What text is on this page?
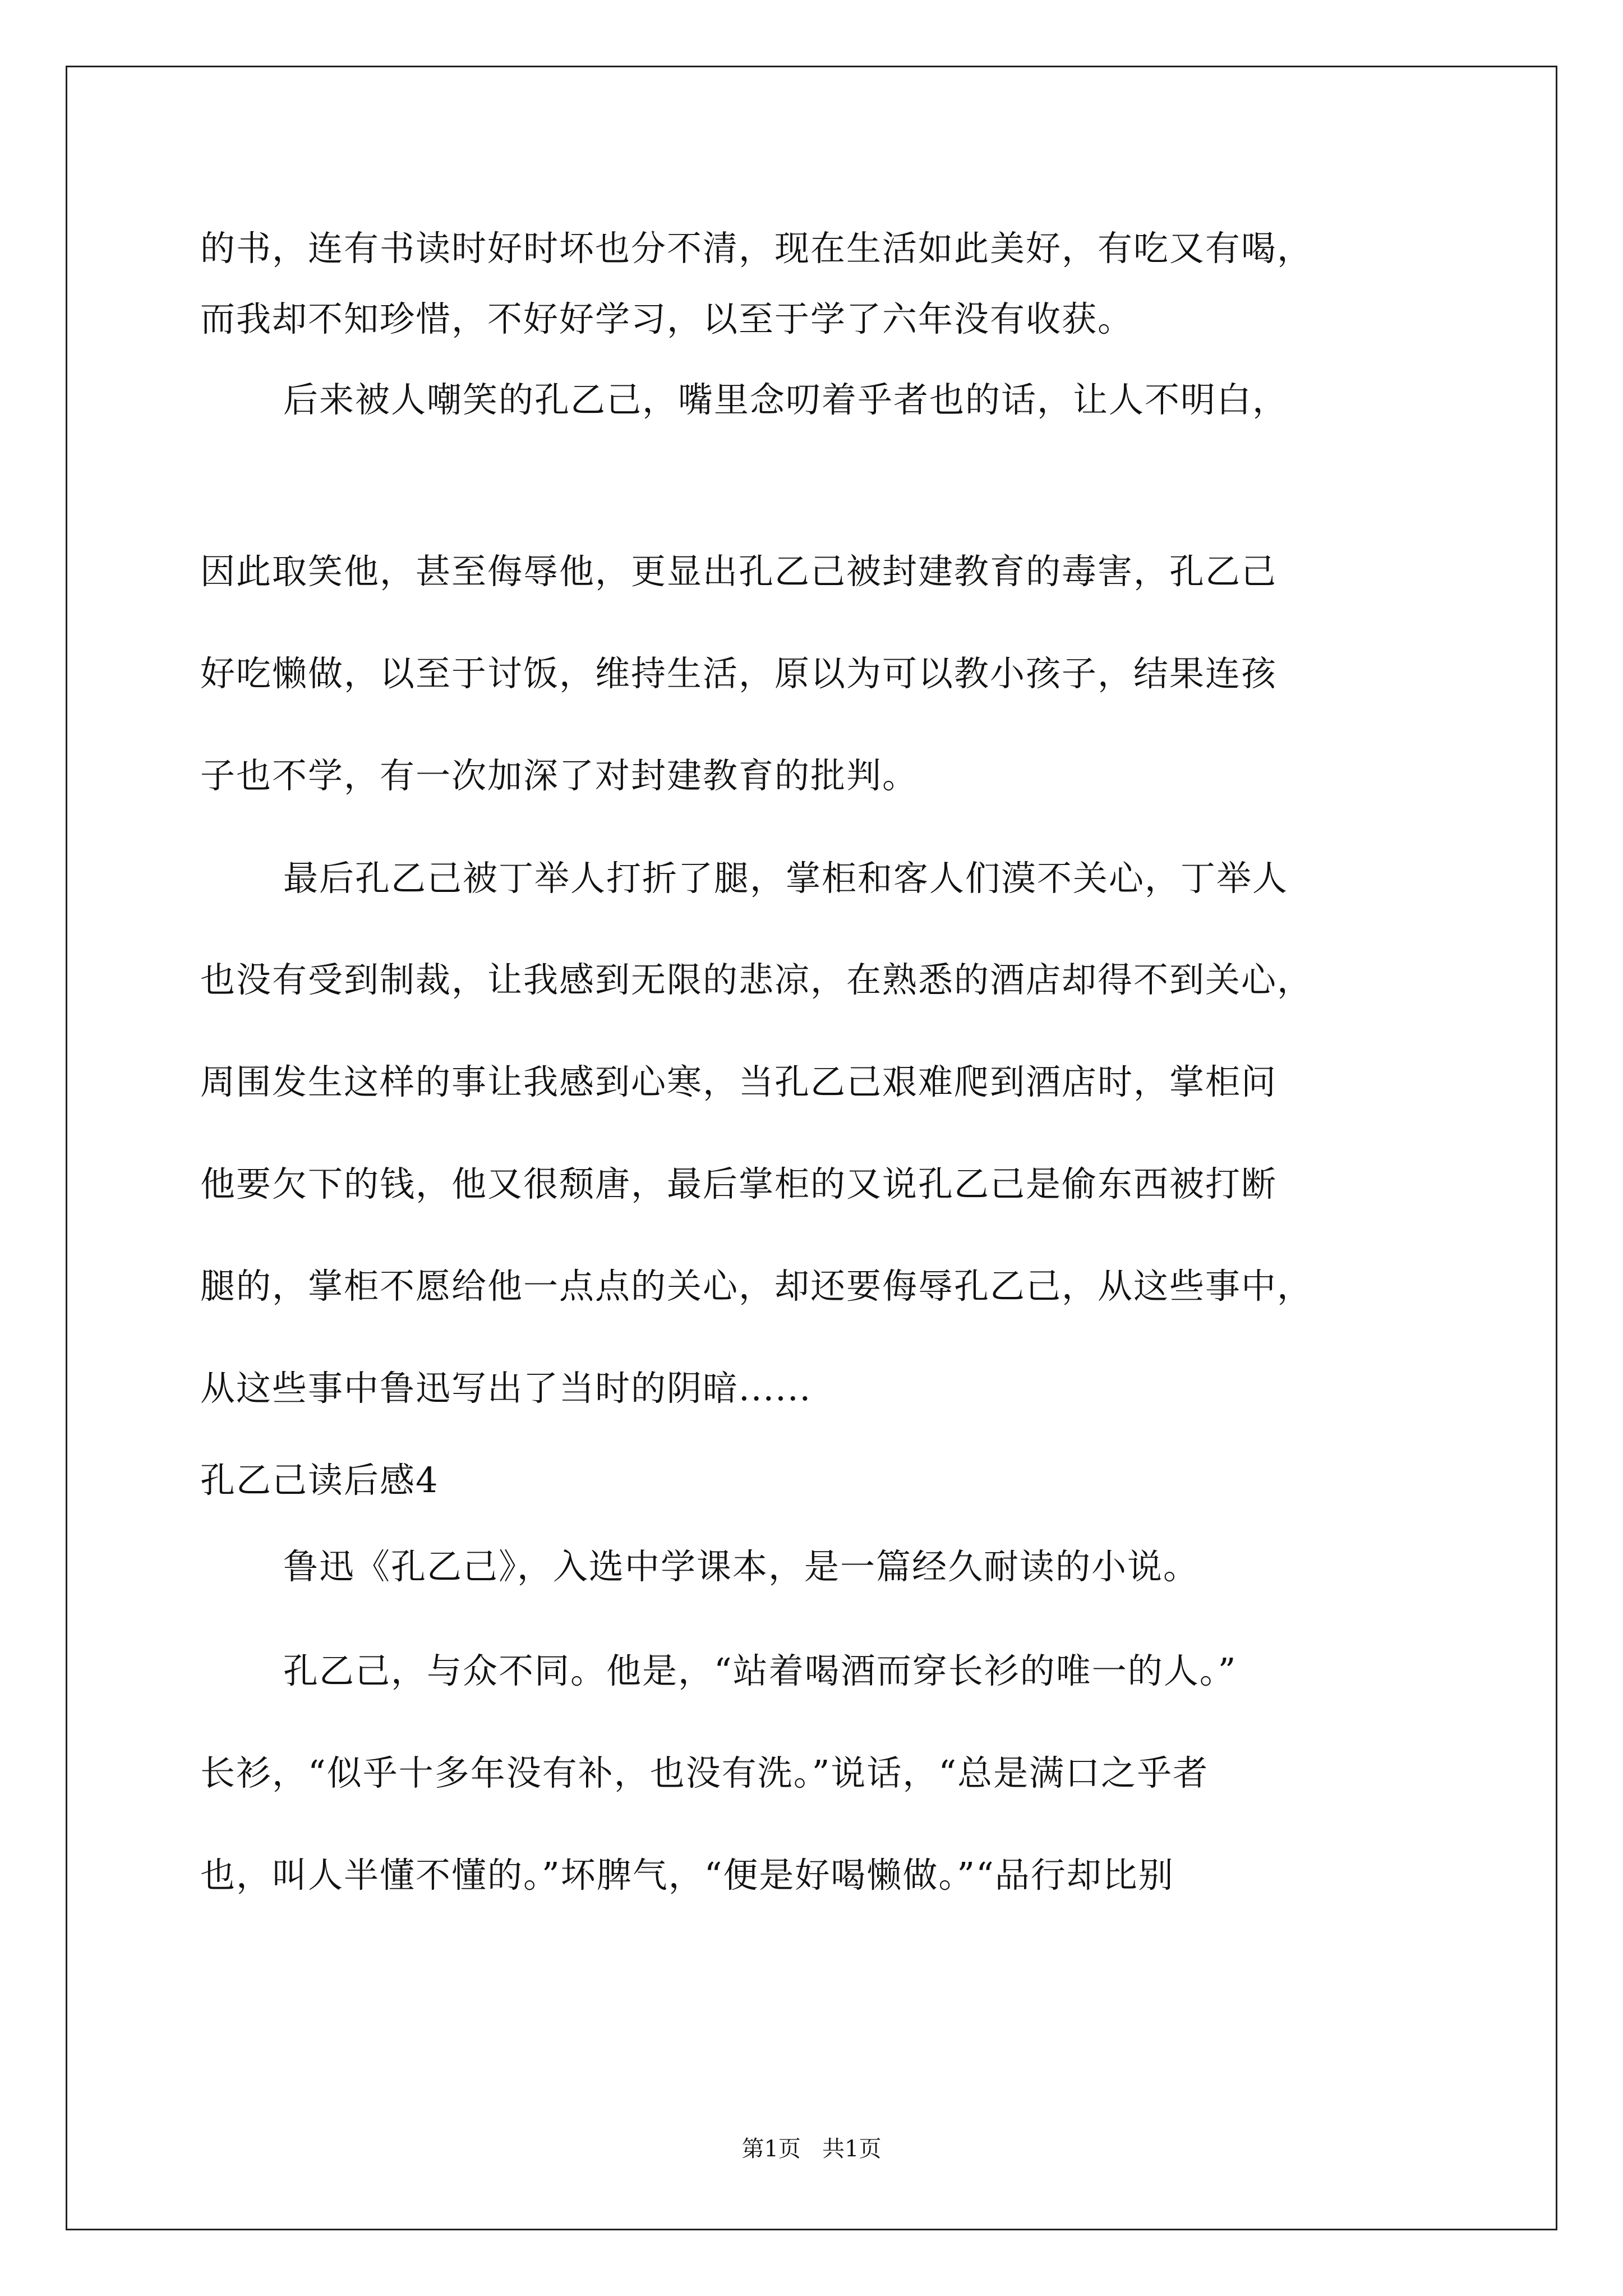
的书，连有书读时好时坏也分不清，现在生活如此美好，有吃又有喝，
而我却不知珍惜，不好好学习，以至于学了六年没有收获。
后来被人嘲笑的孔乙己，嘴里念叨着乎者也的话，让人不明白，
因此取笑他，甚至侮辱他，更显出孔乙己被封建教育的毒害，孔乙己
好吃懒做，以至于讨饭，维持生活，原以为可以教小孩子，结果连孩
子也不学，有一次加深了对封建教育的批判。
最后孔乙己被丁举人打折了腿，掌柜和客人们漠不关心，丁举人
也没有受到制裁，让我感到无限的悲凉，在熟悉的酒店却得不到关心，
周围发生这样的事让我感到心寒，当孔乙己艰难爬到酒店时，掌柜问
他要欠下的钱，他又很颓唐，最后掌柜的又说孔乙己是偷东西被打断
腿的，掌柜不愿给他一点点的关心，却还要侮辱孔乙己，从这些事中，
从这些事中鲁迅写出了当时的阴暗......
孔乙己读后感4
鲁迅《孔乙己》，入选中学课本，是一篇经久耐读的小说。
孔乙己，与众不同。他是，“站着喝酒而穿长衫的唯一的人。”
长衫，“似乎十多年没有补，也没有洗。”说话，“总是满口之乎者
也，叫人半懂不懂的。”坏脾气，“便是好喝懒做。”“品行却比别
第1页   共1页
